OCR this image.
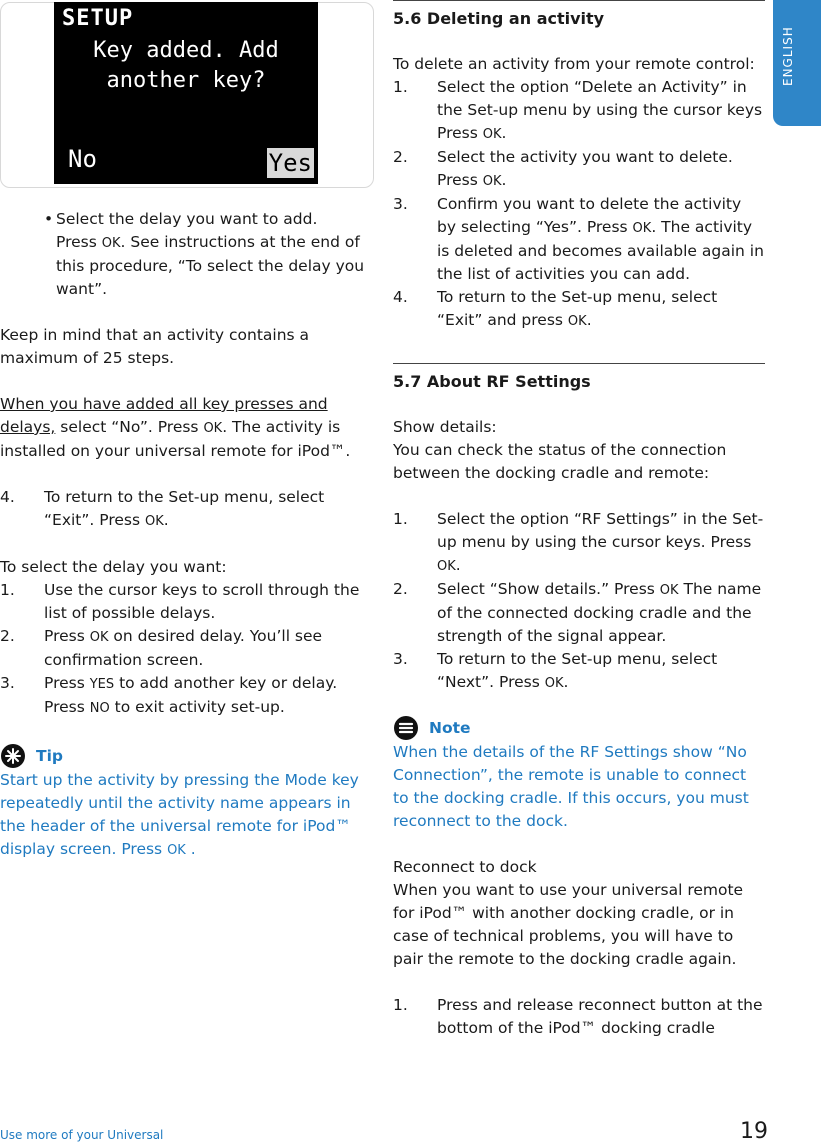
SETUP
Key added. Add
another key?
No	Yes
• Select the delay you want to add.
Press OK. See instructions at the end of this procedure, “To select the delay you want”.

Keep in mind that an activity contains a maximum of 25 steps.

When you have added all key presses and delays, select “No”. Press OK. The activity is installed on your universal remote for iPod™.

4. To return to the Set-up menu, select “Exit”. Press OK.

To select the delay you want:

1. Use the cursor keys to scroll through the list of possible delays.
2. Press OK on desired delay. You’ll see confirmation screen.
3. Press YES to add another key or delay. Press NO to exit activity set-up.
Tip

Start up the activity by pressing the Mode key repeatedly until the activity name appears in the header of the universal remote for iPod™ display screen. Press OK .

5.6 Deleting an activity

To delete an activity from your remote control:

1. Select the option “Delete an Activity” in the Set-up menu by using the cursor keys Press OK.
2. Select the activity you want to delete. Press OK.
3. Confirm you want to delete the activity by selecting “Yes”. Press OK. The activity is deleted and becomes available again in the list of activities you can add.
4. To return to the Set-up menu, select “Exit” and press OK.
5.7 About RF Settings

Show details:

You can check the status of the connection between the docking cradle and remote:

1. Select the option “RF Settings” in the Set-up menu by using the cursor keys. Press OK.
2. Select “Show details.” Press OK The name of the connected docking cradle and the strength of the signal appear.
3. To return to the Set-up menu, select “Next”. Press OK.
Note

When the details of the RF Settings show “No Connection”, the remote is unable to connect to the docking cradle. If this occurs, you must reconnect to the dock.

Reconnect to dock

When you want to use your universal remote for iPod™ with another docking cradle, or in case of technical problems, you will have to pair the remote to the docking cradle again.

1. Press and release reconnect button at the bottom of the iPod™ docking cradle
ENGLISH
Use more of your Universal	19
